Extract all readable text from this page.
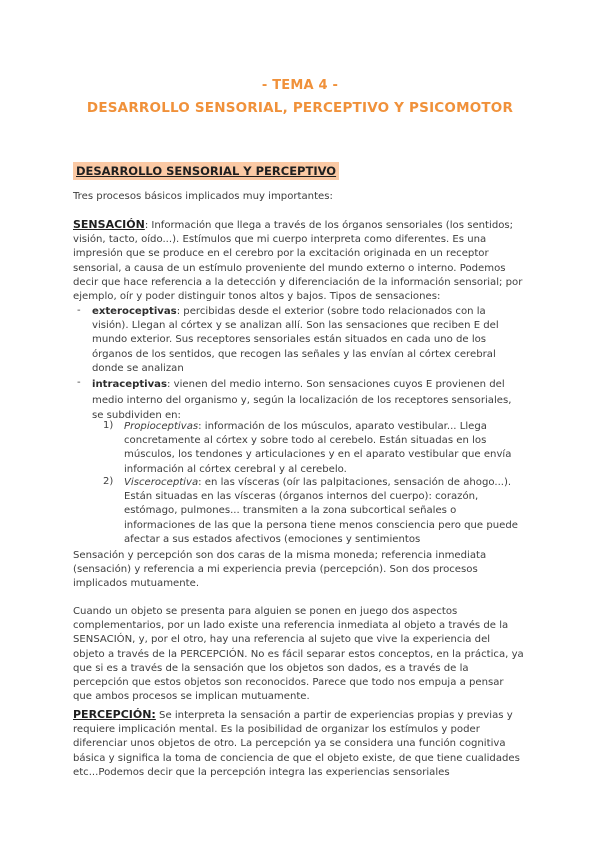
- TEMA 4 -
DESARROLLO SENSORIAL, PERCEPTIVO Y PSICOMOTOR
DESARROLLO SENSORIAL Y PERCEPTIVO

Tres procesos básicos implicados muy importantes:

SENSACIÓN: Información que llega a través de los órganos sensoriales (los sentidos; visión, tacto, oído...). Estímulos que mi cuerpo interpreta como diferentes. Es una impresión que se produce en el cerebro por la excitación originada en un receptor sensorial, a causa de un estímulo proveniente del mundo externo o interno. Podemos decir que hace referencia a la detección y diferenciación de la información sensorial; por ejemplo, oír y poder distinguir tonos altos y bajos. Tipos de sensaciones:

- exteroceptivas: percibidas desde el exterior (sobre todo relacionados con la visión). Llegan al córtex y se analizan allí. Son las sensaciones que reciben E del mundo exterior. Sus receptores sensoriales están situados en cada uno de los órganos de los sentidos, que recogen las señales y las envían al córtex cerebral donde se analizan

- intraceptivas: vienen del medio interno. Son sensaciones cuyos E provienen del medio interno del organismo y, según la localización de los receptores sensoriales, se subdividen en:

1) Propioceptivas: información de los músculos, aparato vestibular... Llega concretamente al córtex y sobre todo al cerebelo. Están situadas en los músculos, los tendones y articulaciones y en el aparato vestibular que envía información al córtex cerebral y al cerebelo.

2) Visceroceptiva: en las vísceras (oír las palpitaciones, sensación de ahogo...). Están situadas en las vísceras (órganos internos del cuerpo): corazón, estómago, pulmones... transmiten a la zona subcortical señales o informaciones de las que la persona tiene menos consciencia pero que puede afectar a sus estados afectivos (emociones y sentimientos

Sensación y percepción son dos caras de la misma moneda; referencia inmediata (sensación) y referencia a mi experiencia previa (percepción). Son dos procesos implicados mutuamente.

Cuando un objeto se presenta para alguien se ponen en juego dos aspectos complementarios, por un lado existe una referencia inmediata al objeto a través de la SENSACIÓN, y, por el otro, hay una referencia al sujeto que vive la experiencia del objeto a través de la PERCEPCIÓN. No es fácil separar estos conceptos, en la práctica, ya que si es a través de la sensación que los objetos son dados, es a través de la percepción que estos objetos son reconocidos. Parece que todo nos empuja a pensar que ambos procesos se implican mutuamente.

PERCEPCIÓN: Se interpreta la sensación a partir de experiencias propias y previas y requiere implicación mental. Es la posibilidad de organizar los estímulos y poder diferenciar unos objetos de otro. La percepción ya se considera una función cognitiva básica y significa la toma de conciencia de que el objeto existe, de que tiene cualidades etc...Podemos decir que la percepción integra las experiencias sensoriales
